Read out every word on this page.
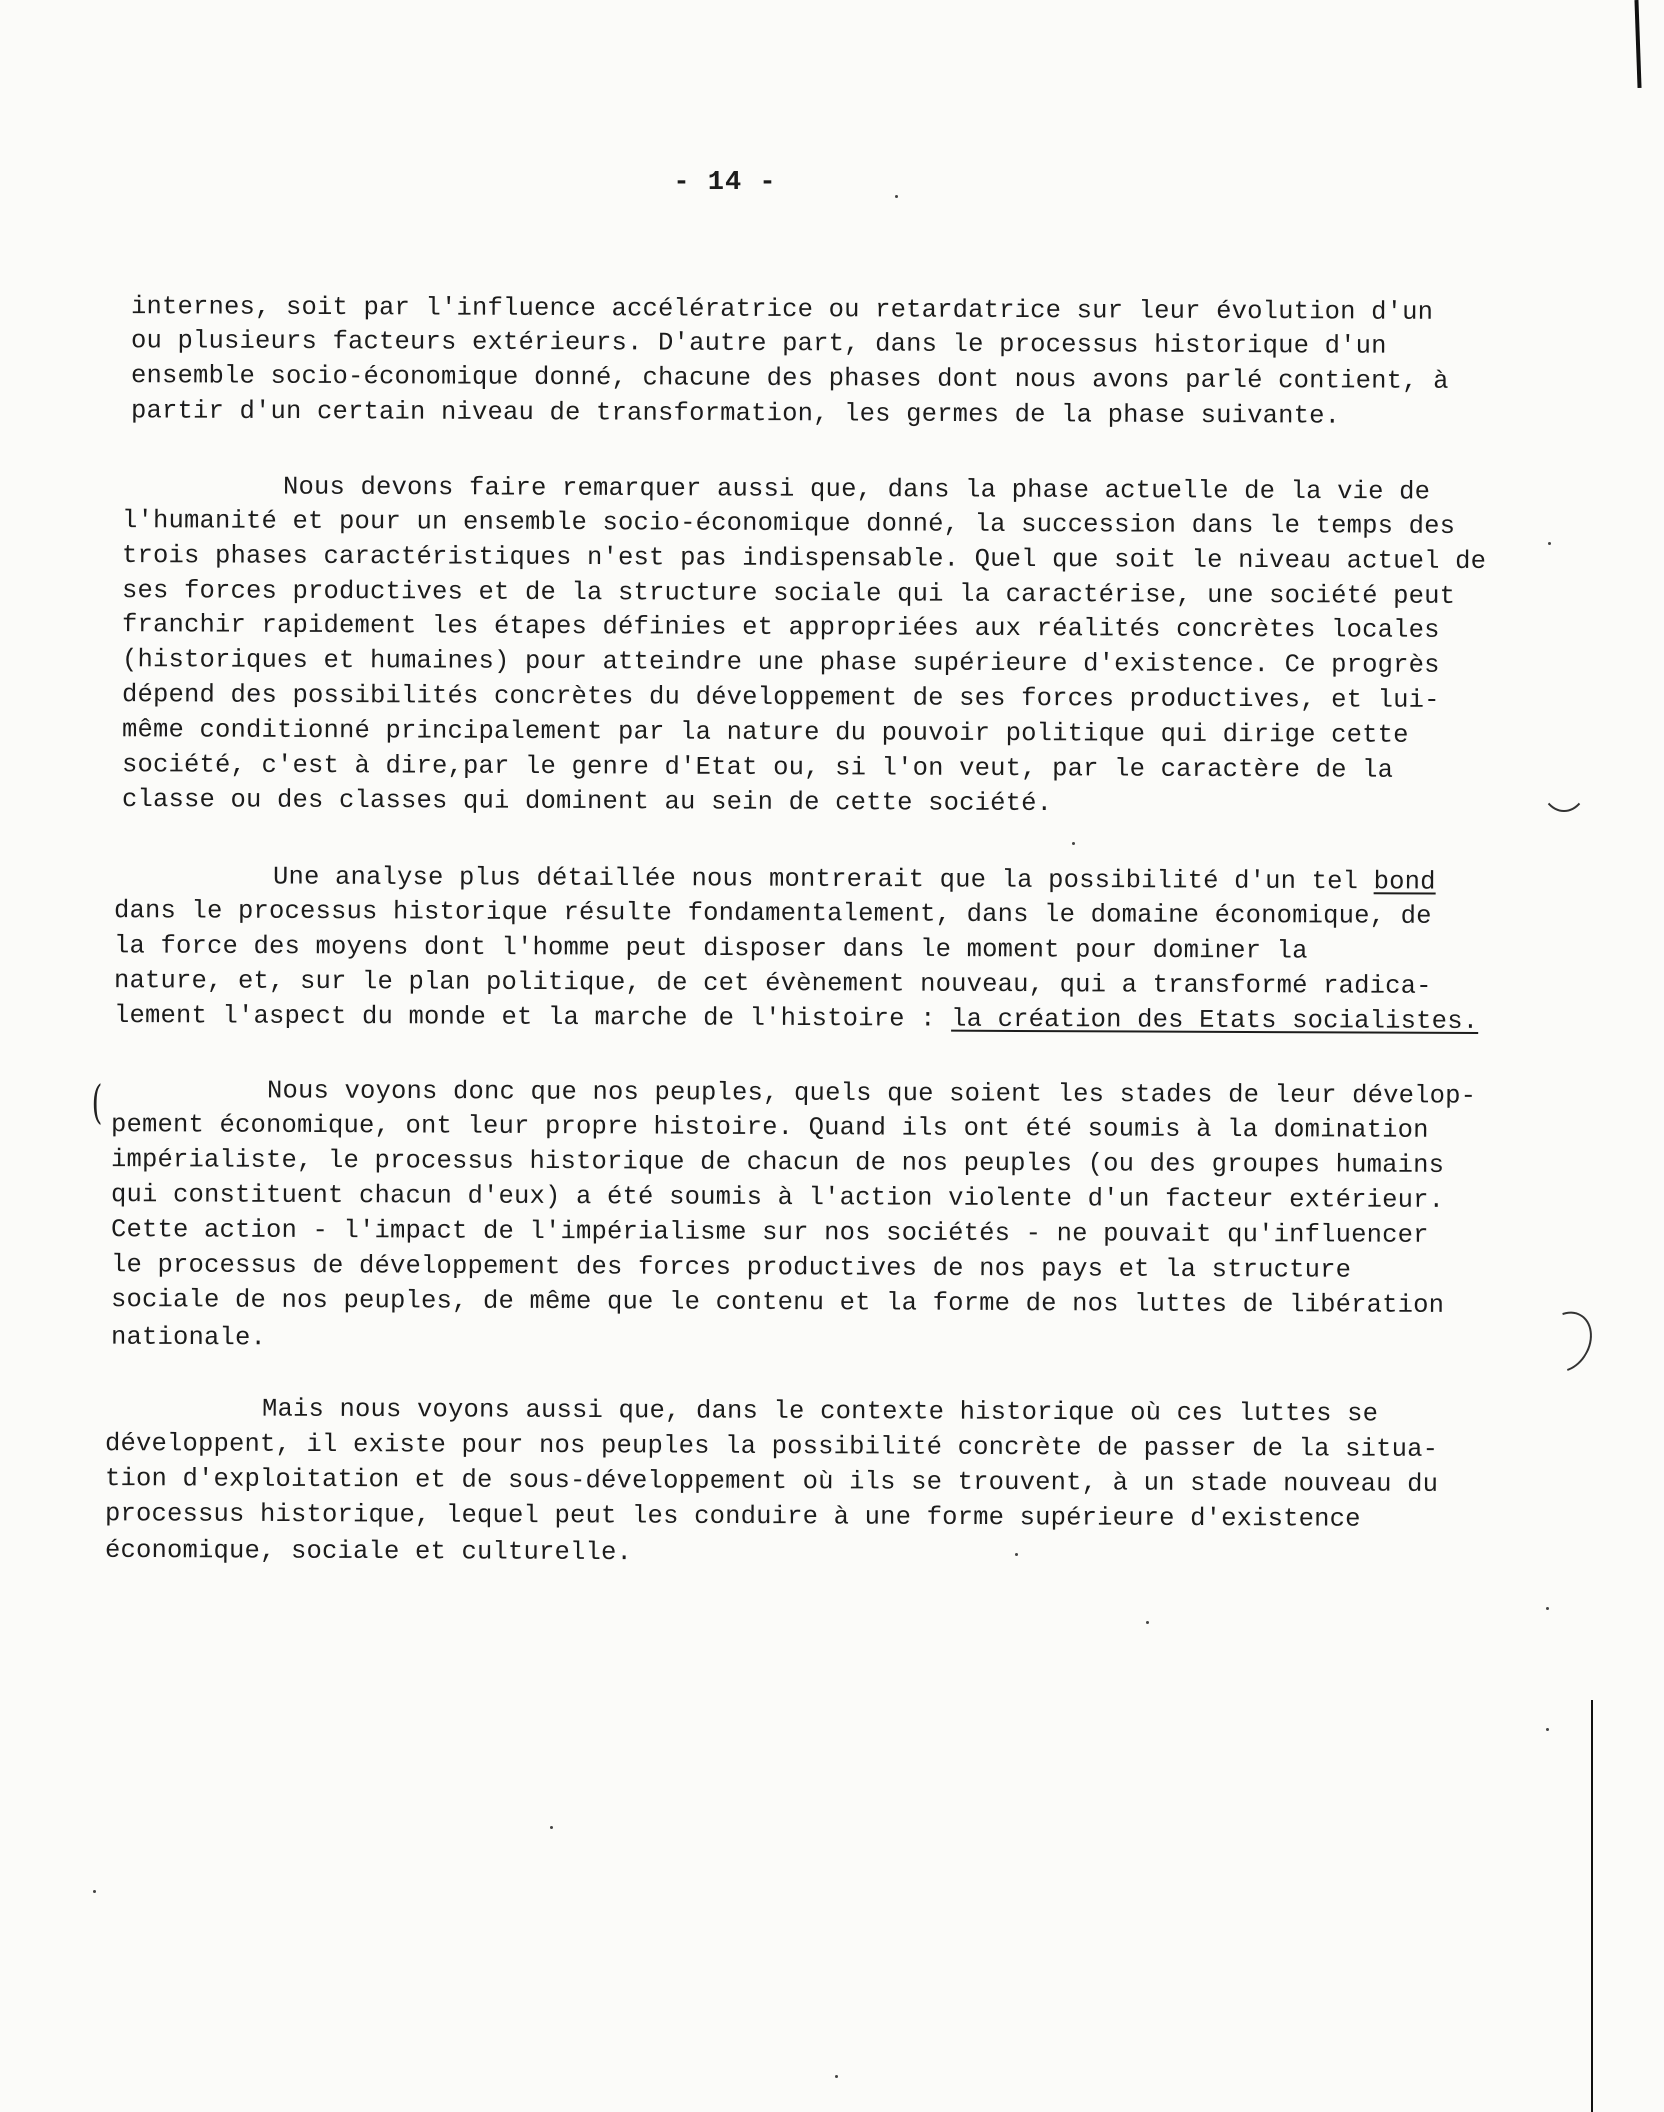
- 14 -
internes, soit par l'influence accélératrice ou retardatrice sur leur évolution d'un
ou plusieurs facteurs extérieurs. D'autre part, dans le processus historique d'un
ensemble socio-économique donné, chacune des phases dont nous avons parlé contient, à
partir d'un certain niveau de transformation, les germes de la phase suivante.
Nous devons faire remarquer aussi que, dans la phase actuelle de la vie de
l'humanité et pour un ensemble socio-économique donné, la succession dans le temps des
trois phases caractéristiques n'est pas indispensable. Quel que soit le niveau actuel de
ses forces productives et de la structure sociale qui la caractérise, une société peut
franchir rapidement les étapes définies et appropriées aux réalités concrètes locales
(historiques et humaines) pour atteindre une phase supérieure d'existence. Ce progrès
dépend des possibilités concrètes du développement de ses forces productives, et lui-
même conditionné principalement par la nature du pouvoir politique qui dirige cette
société, c'est à dire,par le genre d'Etat ou, si l'on veut, par le caractère de la
classe ou des classes qui dominent au sein de cette société.
Une analyse plus détaillée nous montrerait que la possibilité d'un tel bond
dans le processus historique résulte fondamentalement, dans le domaine économique, de
la force des moyens dont l'homme peut disposer dans le moment pour dominer la
nature, et, sur le plan politique, de cet évènement nouveau, qui a transformé radica-
lement l'aspect du monde et la marche de l'histoire : la création des Etats socialistes.
(	Nous voyons donc que nos peuples, quels que soient les stades de leur dévelop-
pement économique, ont leur propre histoire. Quand ils ont été soumis à la domination
impérialiste, le processus historique de chacun de nos peuples (ou des groupes humains
qui constituent chacun d'eux) a été soumis à l'action violente d'un facteur extérieur.
Cette action - l'impact de l'impérialisme sur nos sociétés - ne pouvait qu'influencer
le processus de développement des forces productives de nos pays et la structure
sociale de nos peuples, de même que le contenu et la forme de nos luttes de libération
nationale.
Mais nous voyons aussi que, dans le contexte historique où ces luttes se
développent, il existe pour nos peuples la possibilité concrète de passer de la situa-
tion d'exploitation et de sous-développement où ils se trouvent, à un stade nouveau du
processus historique, lequel peut les conduire à une forme supérieure d'existence
économique, sociale et culturelle.
